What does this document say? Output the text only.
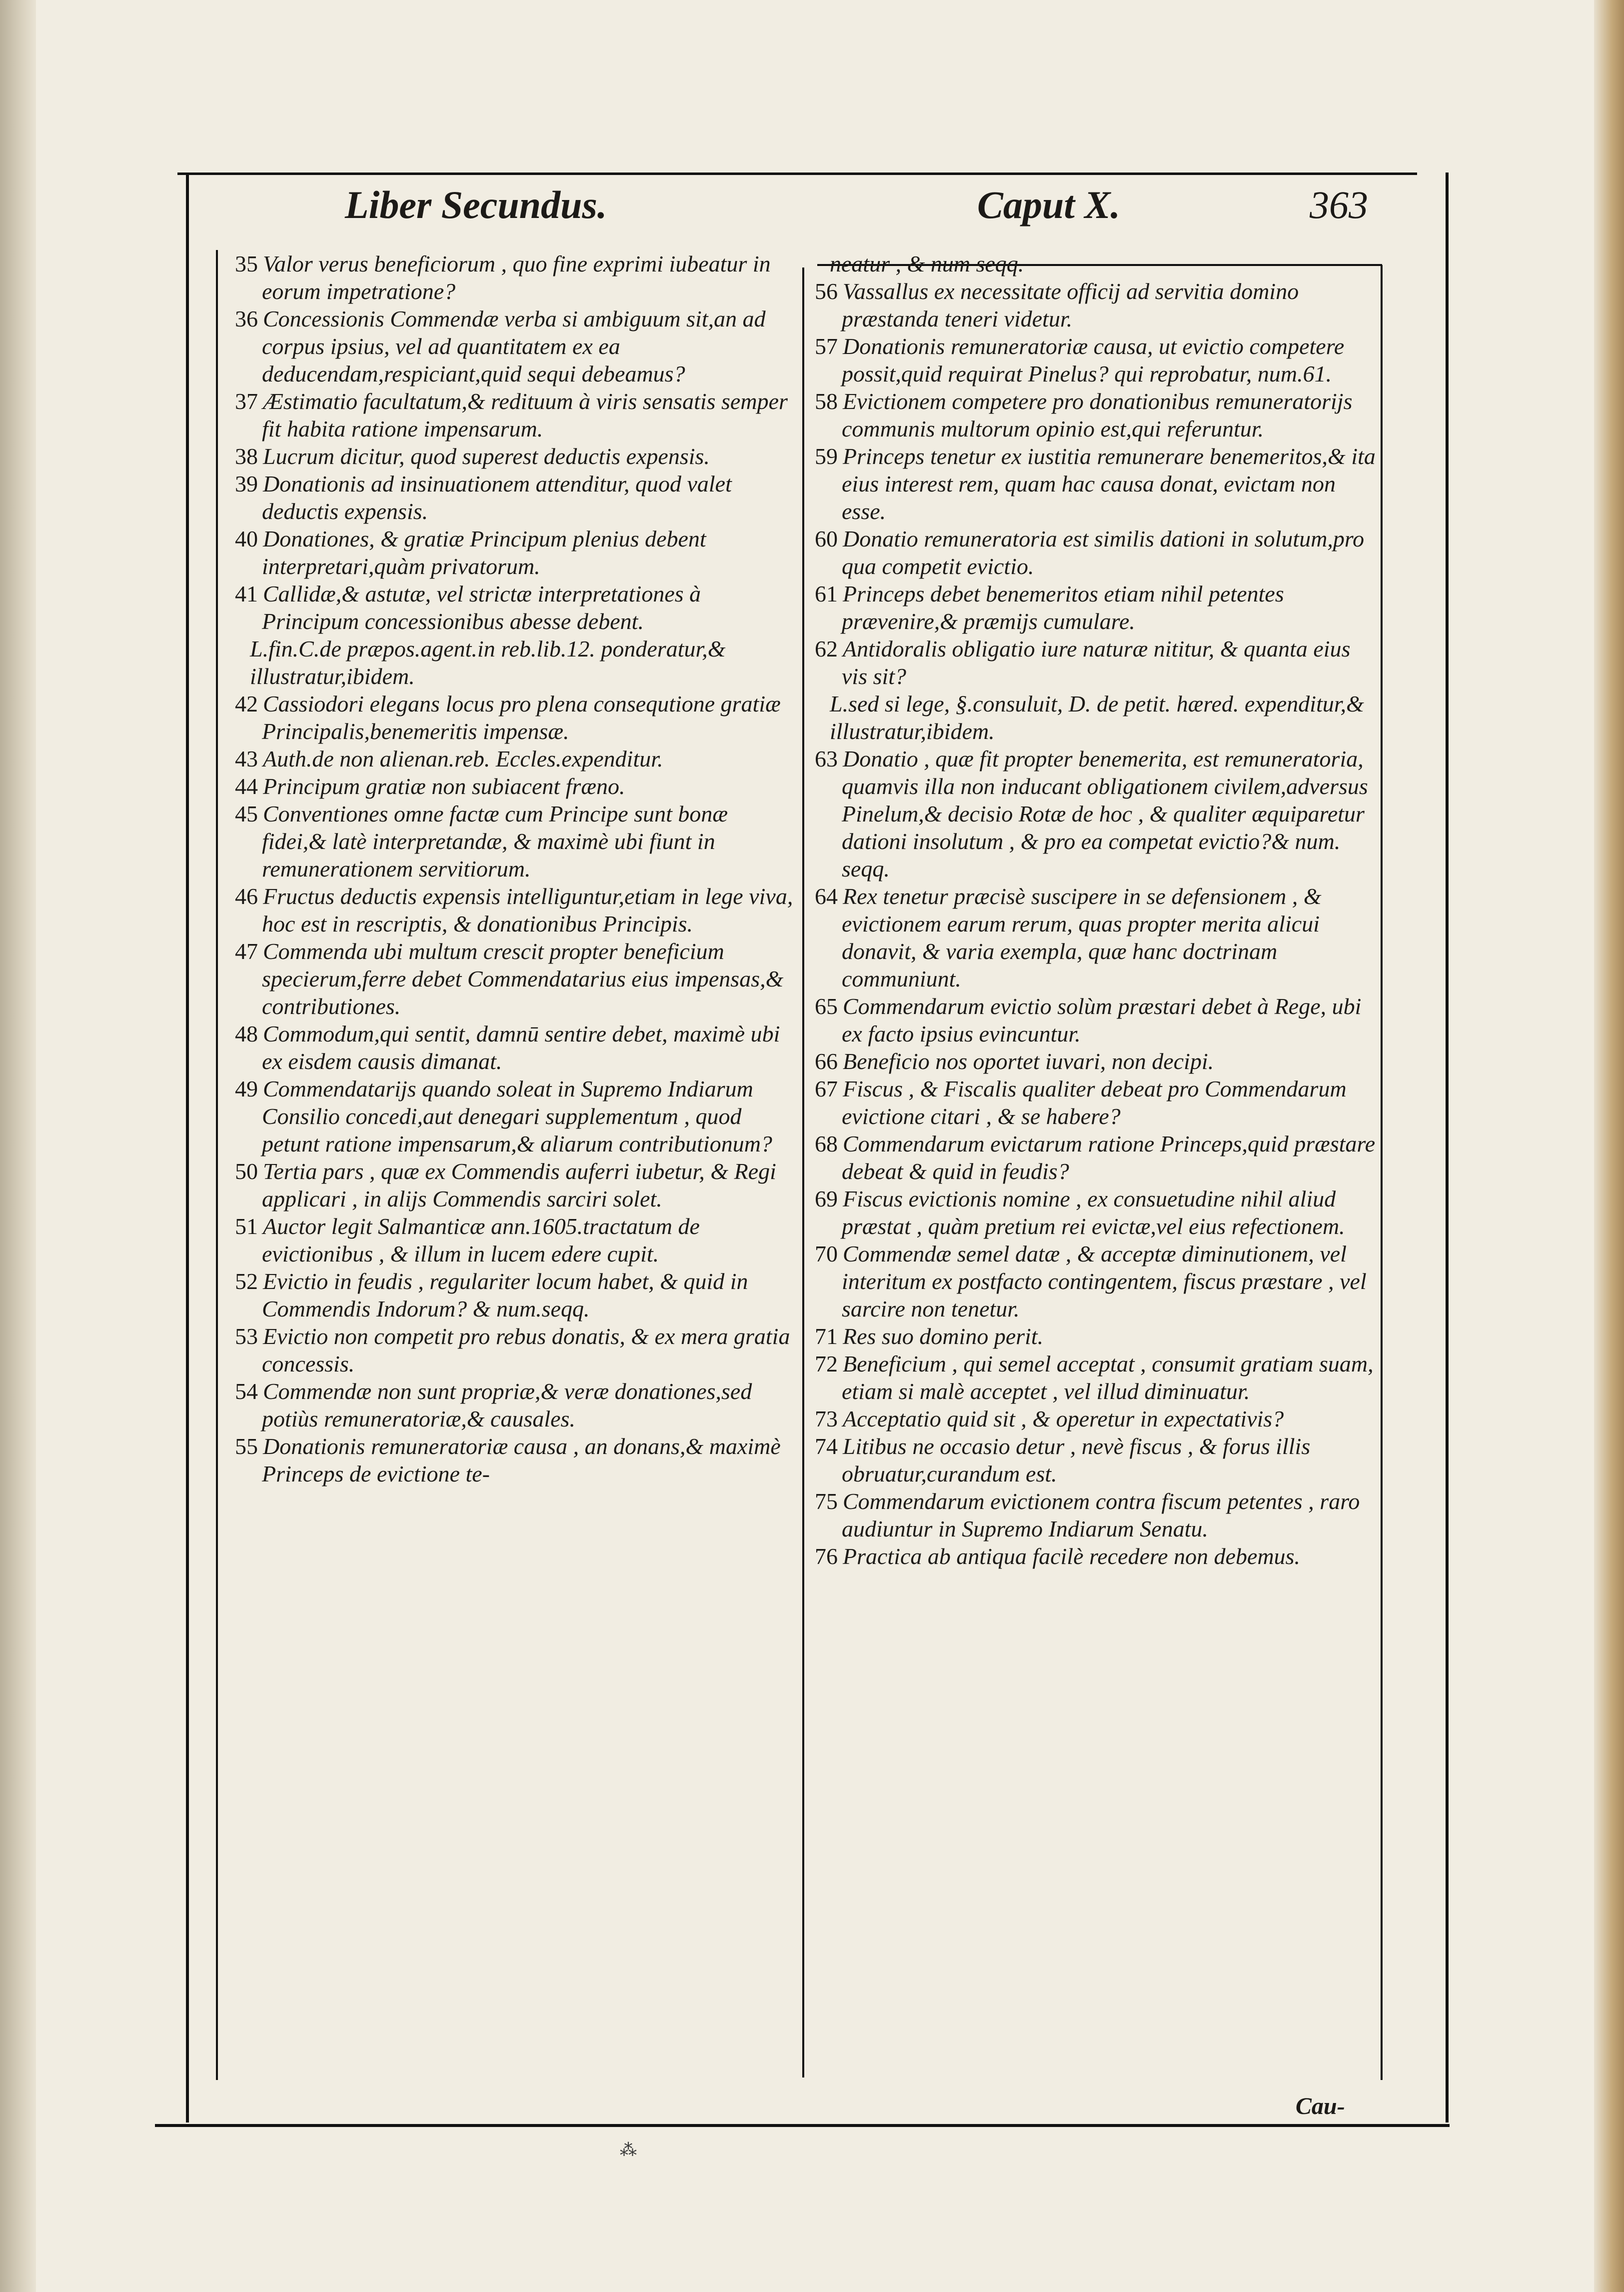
Liber Secundus.	Caput X.	363
35 Valor verus beneficiorum , quo fine exprimi iubeatur in eorum impetratione?
36 Concessionis Commendæ verba si ambiguum sit,an ad corpus ipsius, vel ad quantitatem ex ea deducendam,respiciant,quid sequi debeamus?
37 Æstimatio facultatum,& redituum à viris sensatis semper fit habita ratione impensarum.
38 Lucrum dicitur, quod superest deductis expensis.
39 Donationis ad insinuationem attenditur, quod valet deductis expensis.
40 Donationes, & gratiæ Principum plenius debent interpretari,quàm privatorum.
41 Callidæ,& astutæ, vel strictæ interpretationes à Principum concessionibus abesse debent.
L.fin.C.de præpos.agent.in reb.lib.12. ponderatur,& illustratur,ibidem.
42 Cassiodori elegans locus pro plena consequtione gratiæ Principalis,benemeritis impensæ.
43 Auth.de non alienan.reb. Eccles.expenditur.
44 Principum gratiæ non subiacent fræno.
45 Conventiones omne factæ cum Principe sunt bonæ fidei,& latè interpretandæ, & maximè ubi fiunt in remunerationem servitiorum.
46 Fructus deductis expensis intelliguntur,etiam in lege viva, hoc est in rescriptis, & donationibus Principis.
47 Commenda ubi multum crescit propter beneficium specierum,ferre debet Commendatarius eius impensas,& contributiones.
48 Commodum,qui sentit, damnū sentire debet, maximè ubi ex eisdem causis dimanat.
49 Commendatarijs quando soleat in Supremo Indiarum Consilio concedi,aut denegari supplementum , quod petunt ratione impensarum,& aliarum contributionum?
50 Tertia pars , quæ ex Commendis auferri iubetur, & Regi applicari , in alijs Commendis sarciri solet.
51 Auctor legit Salmanticæ ann.1605.tractatum de evictionibus , & illum in lucem edere cupit.
52 Evictio in feudis , regulariter locum habet, & quid in Commendis Indorum? & num.seqq.
53 Evictio non competit pro rebus donatis, & ex mera gratia concessis.
54 Commendæ non sunt propriæ,& veræ donationes,sed potiùs remuneratoriæ,& causales.
55 Donationis remuneratoriæ causa , an donans,& maximè Princeps de evictione te-
neatur , & num seqq.
56 Vassallus ex necessitate officij ad servitia domino præstanda teneri videtur.
57 Donationis remuneratoriæ causa, ut evictio competere possit,quid requirat Pinelus? qui reprobatur, num.61.
58 Evictionem competere pro donationibus remuneratorijs communis multorum opinio est,qui referuntur.
59 Princeps tenetur ex iustitia remunerare benemeritos,& ita eius interest rem, quam hac causa donat, evictam non esse.
60 Donatio remuneratoria est similis dationi in solutum,pro qua competit evictio.
61 Princeps debet benemeritos etiam nihil petentes prævenire,& præmijs cumulare.
62 Antidoralis obligatio iure naturæ nititur, & quanta eius vis sit?
L.sed si lege, §.consuluit, D. de petit. hæred. expenditur,& illustratur,ibidem.
63 Donatio , quæ fit propter benemerita, est remuneratoria, quamvis illa non inducant obligationem civilem,adversus Pinelum,& decisio Rotæ de hoc , & qualiter æquiparetur dationi insolutum , & pro ea competat evictio?& num. seqq.
64 Rex tenetur præcisè suscipere in se defensionem , & evictionem earum rerum, quas propter merita alicui donavit, & varia exempla, quæ hanc doctrinam communiunt.
65 Commendarum evictio solùm præstari debet à Rege, ubi ex facto ipsius evincuntur.
66 Beneficio nos oportet iuvari, non decipi.
67 Fiscus , & Fiscalis qualiter debeat pro Commendarum evictione citari , & se habere?
68 Commendarum evictarum ratione Princeps,quid præstare debeat & quid in feudis?
69 Fiscus evictionis nomine , ex consuetudine nihil aliud præstat , quàm pretium rei evictæ,vel eius refectionem.
70 Commendæ semel datæ , & acceptæ diminutionem, vel interitum ex postfacto contingentem, fiscus præstare , vel sarcire non tenetur.
71 Res suo domino perit.
72 Beneficium , qui semel acceptat , consumit gratiam suam, etiam si malè acceptet , vel illud diminuatur.
73 Acceptatio quid sit , & operetur in expectativis?
74 Litibus ne occasio detur , nevè fiscus , & forus illis obruatur,curandum est.
75 Commendarum evictionem contra fiscum petentes , raro audiuntur in Supremo Indiarum Senatu.
76 Practica ab antiqua facilè recedere non debemus.
Cau-
⁂
